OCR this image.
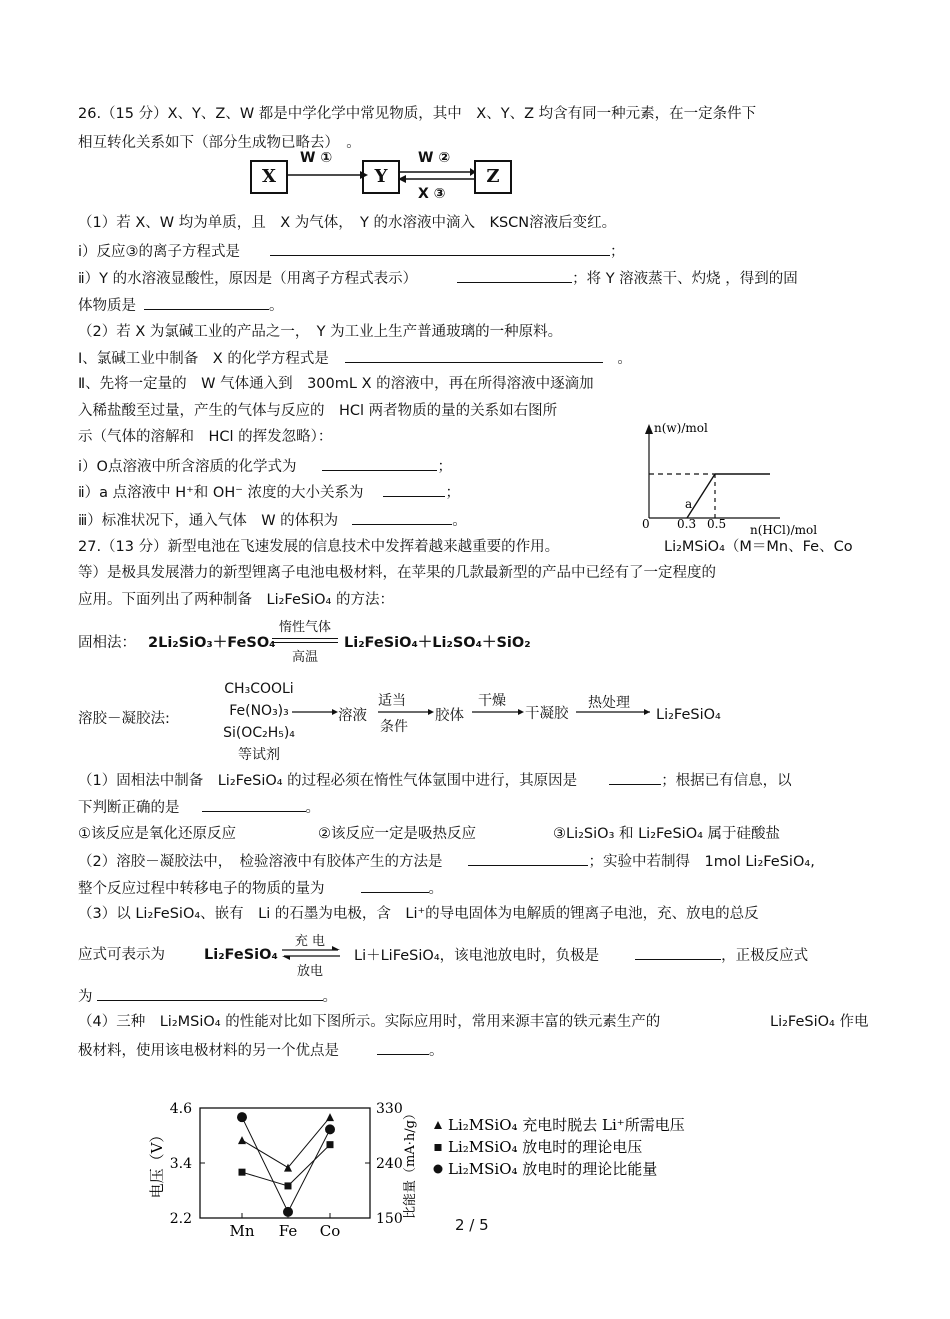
26.（15 分）X、Y、Z、W 都是中学化学中常见物质，其中　X、Y、Z 均含有同一种元素，在一定条件下
相互转化关系如下（部分生成物已略去）　。
X	Y	Z
W ①	W ②
X ③
（1）若 X、W 均为单质，且　X 为气体，　Y 的水溶液中滴入　KSCN溶液后变红。
ⅰ）反应③的离子方程式是	；
ⅱ）Y 的水溶液显酸性，原因是（用离子方程式表示）	；将 Y 溶液蒸干、灼烧 ，得到的固
体物质是	。
（2）若 X 为氯碱工业的产品之一，　Y 为工业上生产普通玻璃的一种原料。
Ⅰ、氯碱工业中制备　X 的化学方程式是	　。
Ⅱ、先将一定量的　W 气体通入到　300mL X 的溶液中，再在所得溶液中逐滴加
入稀盐酸至过量，产生的气体与反应的　HCl 两者物质的量的关系如右图所
示（气体的溶解和　HCl 的挥发忽略）：
ⅰ）O点溶液中所含溶质的化学式为	；
ⅱ）a 点溶液中 H⁺和 OH⁻ 浓度的大小关系为	；
ⅲ）标准状况下，通入气体　W 的体积为	。
n(w)/mol
n(HCl)/mol
0 0.3 0.5
a
27.（13 分）新型电池在飞速发展的信息技术中发挥着越来越重要的作用。	Li₂MSiO₄（M＝Mn、Fe、Co
等）是极具发展潜力的新型锂离子电池电极材料，在苹果的几款最新型的产品中已经有了一定程度的
应用。下面列出了两种制备　Li₂FeSiO₄ 的方法：
固相法： 2Li₂SiO₃＋FeSO₄
惰性气体
高温
Li₂FeSiO₄＋Li₂SO₄＋SiO₂
溶胶－凝胶法:
CH₃COOLi
Fe(NO₃)₃
Si(OC₂H₅)₄
等试剂
溶液
适当
条件
胶体
干燥
干凝胶
热处理
Li₂FeSiO₄
（1）固相法中制备　Li₂FeSiO₄ 的过程必须在惰性气体氩围中进行，其原因是	；根据已有信息，以
下判断正确的是	。
①该反应是氧化还原反应	②该反应一定是吸热反应	③Li₂SiO₃ 和 Li₂FeSiO₄ 属于硅酸盐
（2）溶胶－凝胶法中，　检验溶液中有胶体产生的方法是	；实验中若制得　1mol Li₂FeSiO₄,
整个反应过程中转移电子的物质的量为	。
（3）以 Li₂FeSiO₄、嵌有　Li 的石墨为电极，含　Li⁺的导电固体为电解质的锂离子电池，充、放电的总反
应式可表示为	Li₂FeSiO₄
充 电
放电
Li＋LiFeSiO₄，该电池放电时，负极是	，正极反应式
为	。
（4）三种　Li₂MSiO₄ 的性能对比如下图所示。实际应用时，常用来源丰富的铁元素生产的	Li₂FeSiO₄ 作电
极材料，使用该电极材料的另一个优点是	。
4.6
3.4
2.2
330
240
150
Mn Fe Co
电压（V）	比能量（mA·h/g） Li₂MSiO₄ 充电时脱去 Li⁺所需电压
Li₂MSiO₄ 放电时的理论电压
Li₂MSiO₄ 放电时的理论比能量
2 / 5
